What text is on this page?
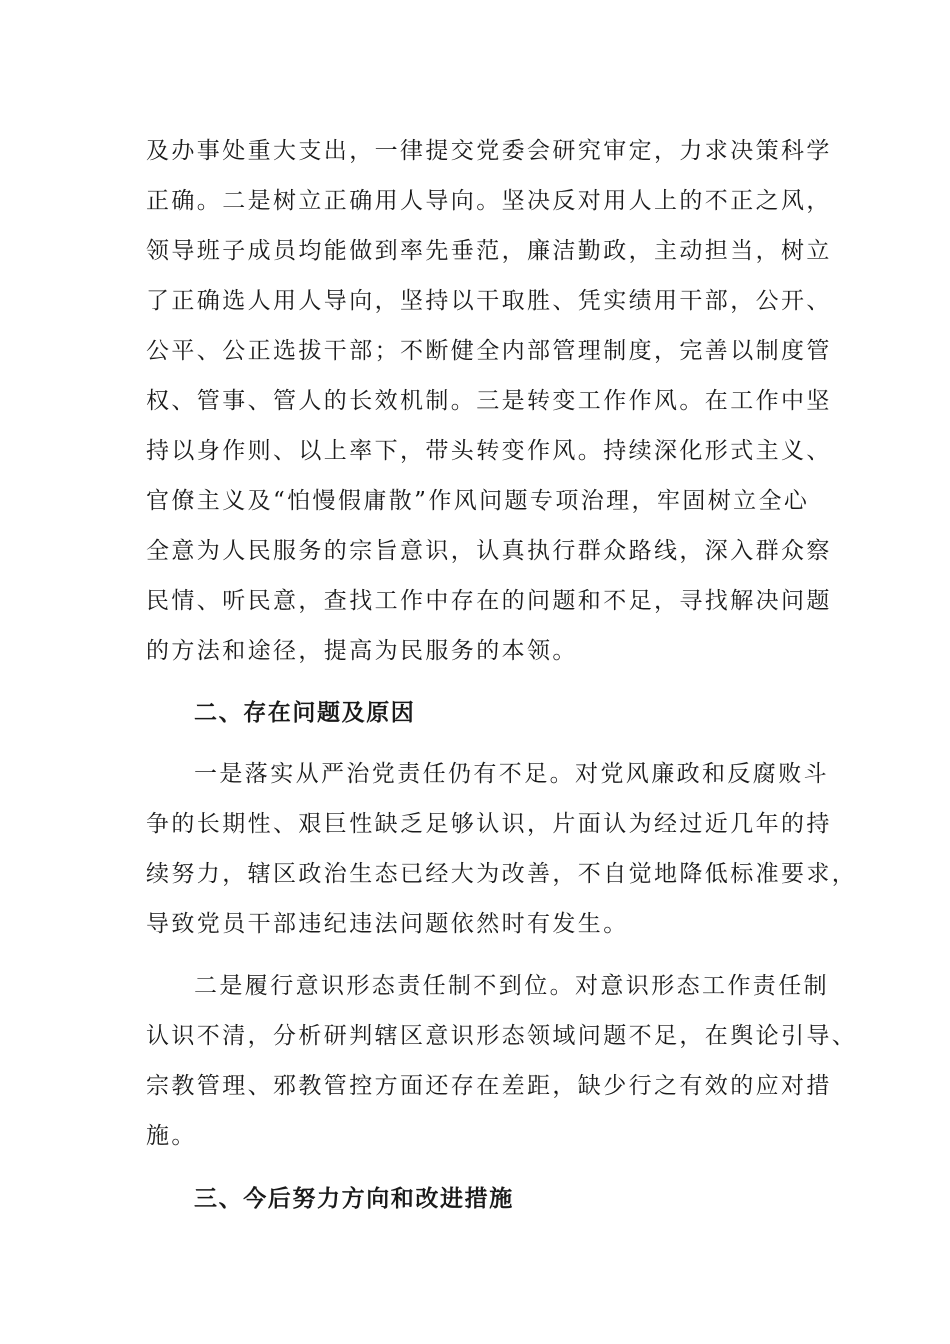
及办事处重大支出，一律提交党委会研究审定，力求决策科学
正确。二是树立正确用人导向。坚决反对用人上的不正之风，
领导班子成员均能做到率先垂范，廉洁勤政，主动担当，树立
了正确选人用人导向，坚持以干取胜、凭实绩用干部，公开、
公平、公正选拔干部；不断健全内部管理制度，完善以制度管
权、管事、管人的长效机制。三是转变工作作风。在工作中坚
持以身作则、以上率下，带头转变作风。持续深化形式主义、
官僚主义及“怕慢假庸散”作风问题专项治理，牢固树立全心
全意为人民服务的宗旨意识，认真执行群众路线，深入群众察
民情、听民意，查找工作中存在的问题和不足，寻找解决问题
的方法和途径，提高为民服务的本领。
二、存在问题及原因
一是落实从严治党责任仍有不足。对党风廉政和反腐败斗
争的长期性、艰巨性缺乏足够认识，片面认为经过近几年的持
续努力，辖区政治生态已经大为改善，不自觉地降低标准要求，
导致党员干部违纪违法问题依然时有发生。
二是履行意识形态责任制不到位。对意识形态工作责任制
认识不清，分析研判辖区意识形态领域问题不足，在舆论引导、
宗教管理、邪教管控方面还存在差距，缺少行之有效的应对措
施。
三、今后努力方向和改进措施
